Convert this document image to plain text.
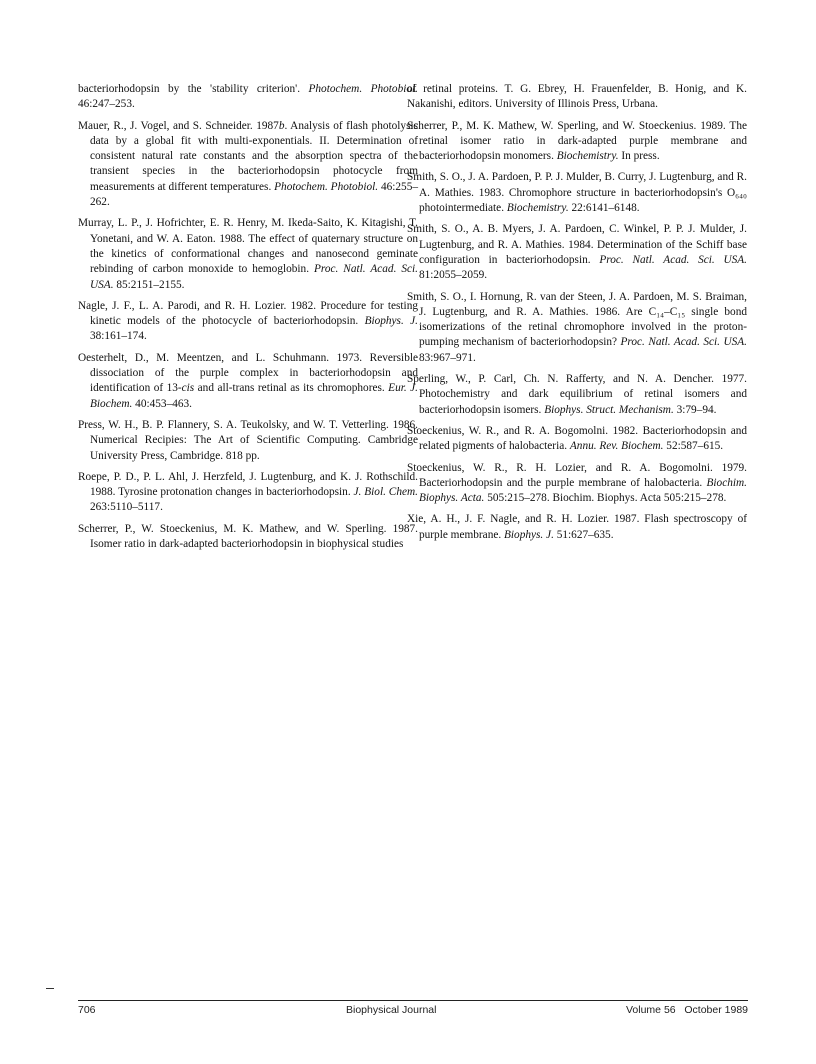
bacteriorhodopsin by the 'stability criterion'. Photochem. Photobiol. 46:247–253.

Mauer, R., J. Vogel, and S. Schneider. 1987b. Analysis of flash photolysis data by a global fit with multi-exponentials. II. Determination of consistent natural rate constants and the absorption spectra of the transient species in the bacteriorhodopsin photocycle from measurements at different temperatures. Photochem. Photobiol. 46:255–262.

Murray, L. P., J. Hofrichter, E. R. Henry, M. Ikeda-Saito, K. Kitagishi, T. Yonetani, and W. A. Eaton. 1988. The effect of quaternary structure on the kinetics of conformational changes and nanosecond geminate rebinding of carbon monoxide to hemoglobin. Proc. Natl. Acad. Sci. USA. 85:2151–2155.

Nagle, J. F., L. A. Parodi, and R. H. Lozier. 1982. Procedure for testing kinetic models of the photocycle of bacteriorhodopsin. Biophys. J. 38:161–174.

Oesterhelt, D., M. Meentzen, and L. Schuhmann. 1973. Reversible dissociation of the purple complex in bacteriorhodopsin and identification of 13-cis and all-trans retinal as its chromophores. Eur. J. Biochem. 40:453–463.

Press, W. H., B. P. Flannery, S. A. Teukolsky, and W. T. Vetterling. 1986. Numerical Recipies: The Art of Scientific Computing. Cambridge University Press, Cambridge. 818 pp.

Roepe, P. D., P. L. Ahl, J. Herzfeld, J. Lugtenburg, and K. J. Rothschild. 1988. Tyrosine protonation changes in bacteriorhodopsin. J. Biol. Chem. 263:5110–5117.

Scherrer, P., W. Stoeckenius, M. K. Mathew, and W. Sperling. 1987. Isomer ratio in dark-adapted bacteriorhodopsin in biophysical studies

of retinal proteins. T. G. Ebrey, H. Frauenfelder, B. Honig, and K. Nakanishi, editors. University of Illinois Press, Urbana.

Scherrer, P., M. K. Mathew, W. Sperling, and W. Stoeckenius. 1989. The retinal isomer ratio in dark-adapted purple membrane and bacteriorhodopsin monomers. Biochemistry. In press.

Smith, S. O., J. A. Pardoen, P. P. J. Mulder, B. Curry, J. Lugtenburg, and R. A. Mathies. 1983. Chromophore structure in bacteriorhodopsin's O₆₄₀ photointermediate. Biochemistry. 22:6141–6148.

Smith, S. O., A. B. Myers, J. A. Pardoen, C. Winkel, P. P. J. Mulder, J. Lugtenburg, and R. A. Mathies. 1984. Determination of the Schiff base configuration in bacteriorhodopsin. Proc. Natl. Acad. Sci. USA. 81:2055–2059.

Smith, S. O., I. Hornung, R. van der Steen, J. A. Pardoen, M. S. Braiman, J. Lugtenburg, and R. A. Mathies. 1986. Are C₁₄–C₁₅ single bond isomerizations of the retinal chromophore involved in the proton-pumping mechanism of bacteriorhodopsin? Proc. Natl. Acad. Sci. USA. 83:967–971.

Sperling, W., P. Carl, Ch. N. Rafferty, and N. A. Dencher. 1977. Photochemistry and dark equilibrium of retinal isomers and bacteriorhodopsin isomers. Biophys. Struct. Mechanism. 3:79–94.

Stoeckenius, W. R., and R. A. Bogomolni. 1982. Bacteriorhodopsin and related pigments of halobacteria. Annu. Rev. Biochem. 52:587–615.

Stoeckenius, W. R., R. H. Lozier, and R. A. Bogomolni. 1979. Bacteriorhodopsin and the purple membrane of halobacteria. Biochim. Biophys. Acta. 505:215–278. Biochim. Biophys. Acta 505:215–278.

Xie, A. H., J. F. Nagle, and R. H. Lozier. 1987. Flash spectroscopy of purple membrane. Biophys. J. 51:627–635.

706	Biophysical Journal	Volume 56   October 1989
